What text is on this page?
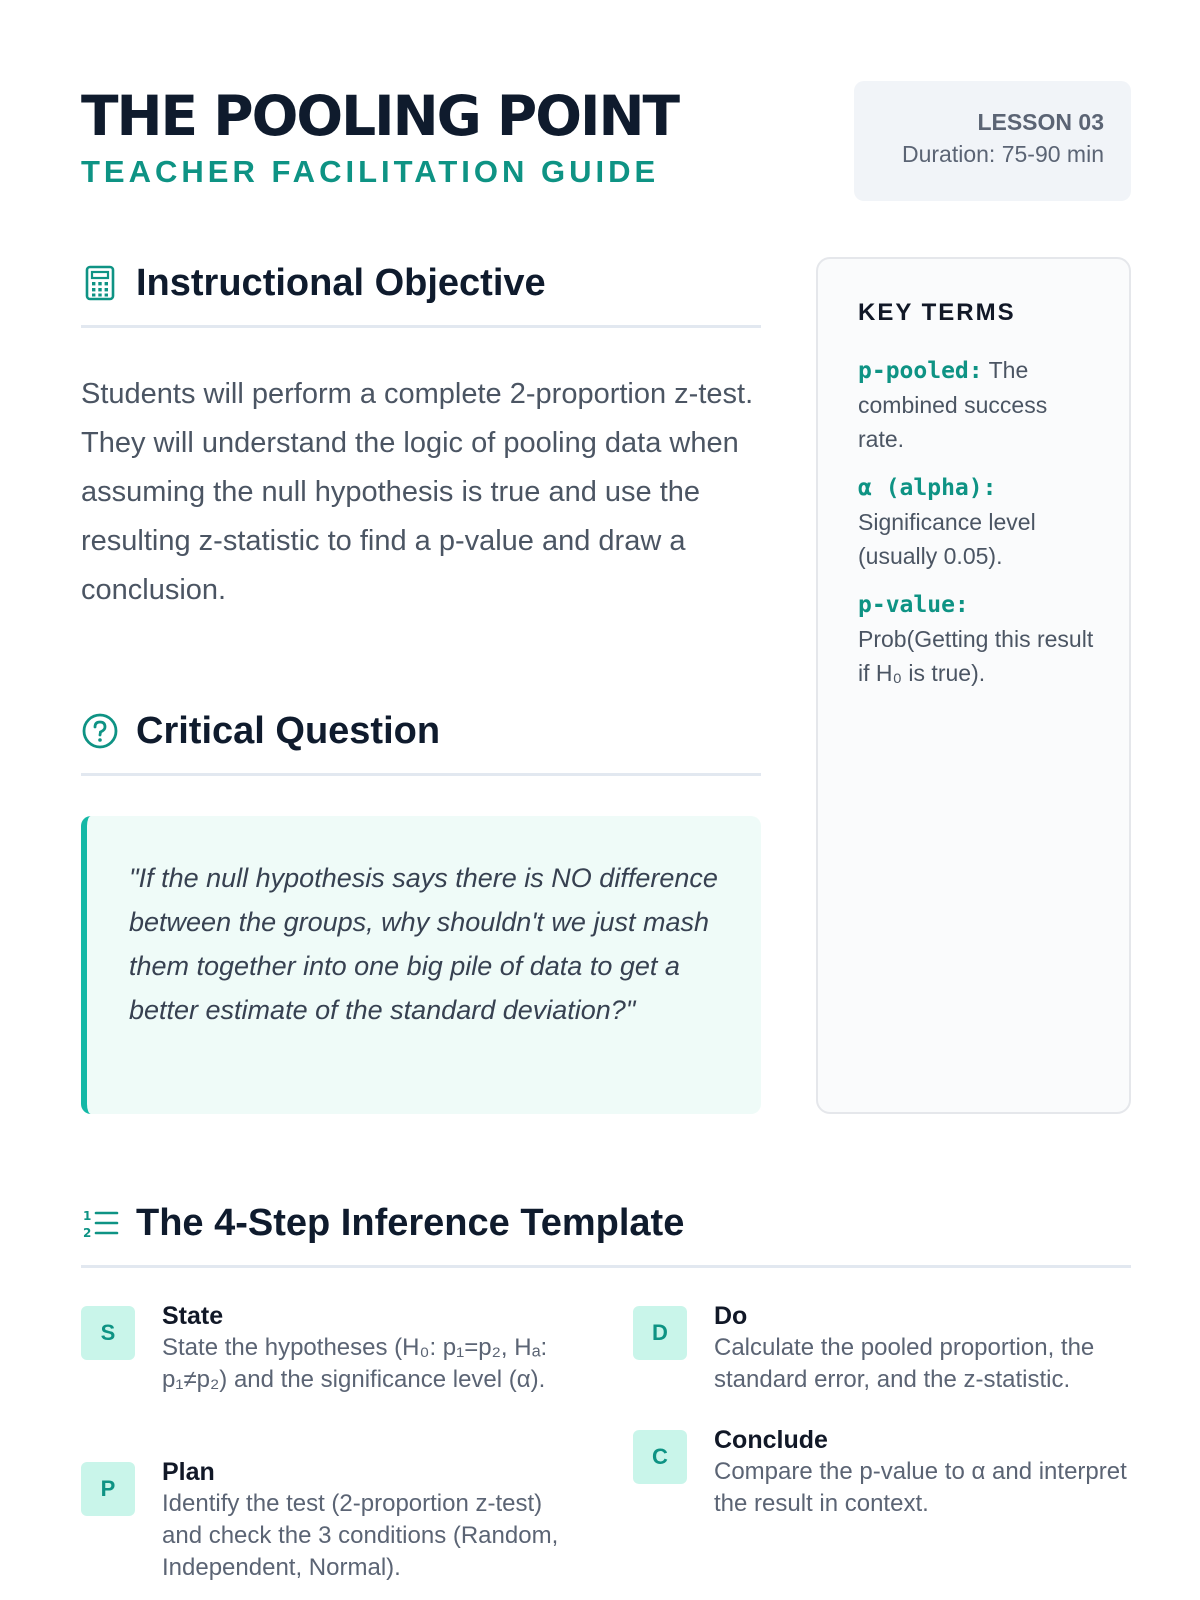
THE POOLING POINT
TEACHER FACILITATION GUIDE
LESSON 03
Duration: 75-90 min
Instructional Objective

Students will perform a complete 2-proportion z-test. They will understand the logic of pooling data when assuming the null hypothesis is true and use the resulting z-statistic to find a p-value and draw a conclusion.

Critical Question

"If the null hypothesis says there is NO difference between the groups, why shouldn't we just mash them together into one big pile of data to get a better estimate of the standard deviation?"

KEY TERMS
p-pooled: The combined success rate.
α (alpha): Significance level (usually 0.05).
p-value: Prob(Getting this result if H₀ is true).
1
2 The 4-Step Inference Template
S
State
State the hypotheses (H₀: p₁=p₂, Hₐ: p₁≠p₂) and the significance level (α).
P
Plan
Identify the test (2-proportion z-test) and check the 3 conditions (Random, Independent, Normal).
D
Do
Calculate the pooled proportion, the standard error, and the z-statistic.
C
Conclude
Compare the p-value to α and interpret the result in context.
